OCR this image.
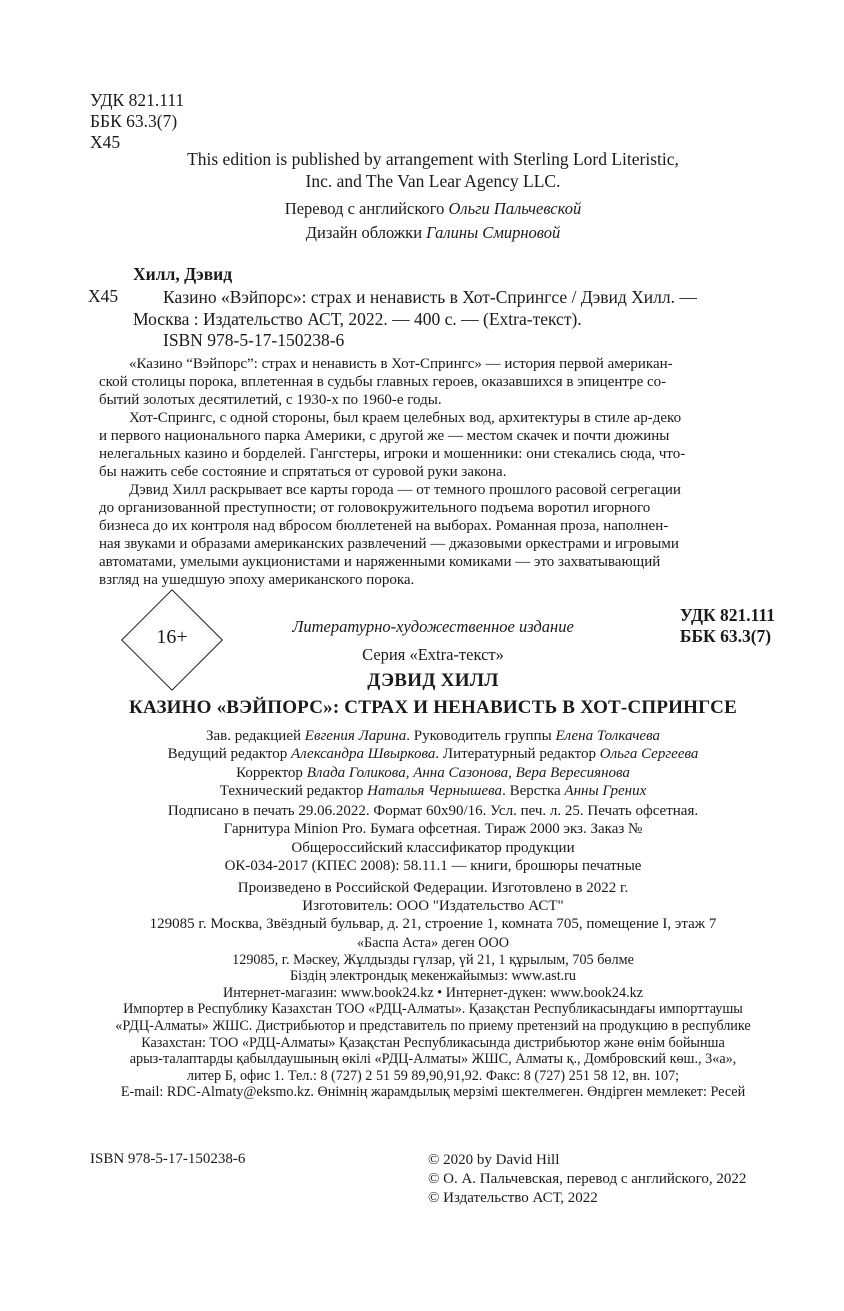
УДК 821.111
ББК 63.3(7)
Х45
This edition is published by arrangement with Sterling Lord Literistic,
Inc. and The Van Lear Agency LLC.
Перевод с английского Ольги Пальчевской
Дизайн обложки Галины Смирновой
Хилл, Дэвид
Х45	Казино «Вэйпорс»: страх и ненависть в Хот-Спрингсе / Дэвид Хилл. —
Москва : Издательство АСТ, 2022. — 400 с. — (Extra-текст).
ISBN 978-5-17-150238-6
«Казино “Вэйпорс”: страх и ненависть в Хот-Спрингс» — история первой американ-
ской столицы порока, вплетенная в судьбы главных героев, оказавшихся в эпицентре со-
бытий золотых десятилетий, с 1930-х по 1960-е годы.
Хот-Спрингс, с одной стороны, был краем целебных вод, архитектуры в стиле ар-деко
и первого национального парка Америки, с другой же — местом скачек и почти дюжины
нелегальных казино и борделей. Гангстеры, игроки и мошенники: они стекались сюда, что-
бы нажить себе состояние и спрятаться от суровой руки закона.
Дэвид Хилл раскрывает все карты города — от темного прошлого расовой сегрегации
до организованной преступности; от головокружительного подъема воротил игорного
бизнеса до их контроля над вбросом бюллетеней на выборах. Романная проза, наполнен-
ная звуками и образами американских развлечений — джазовыми оркестрами и игровыми
автоматами, умелыми аукционистами и наряженными комиками — это захватывающий
взгляд на ушедшую эпоху американского порока.
УДК 821.111
ББК 63.3(7)
16+	Литературно-художественное издание
Серия «Extra-текст»
ДЭВИД ХИЛЛ
КАЗИНО «ВЭЙПОРС»: СТРАХ И НЕНАВИСТЬ В ХОТ-СПРИНГСЕ
Зав. редакцией Евгения Ларина. Руководитель группы Елена Толкачева
Ведущий редактор Александра Швыркова. Литературный редактор Ольга Сергеева
Корректор Влада Голикова, Анна Сазонова, Вера Вересиянова
Технический редактор Наталья Чернышева. Верстка Анны Грених
Подписано в печать 29.06.2022. Формат 60x90/16. Усл. печ. л. 25. Печать офсетная.
Гарнитура Minion Pro. Бумага офсетная. Тираж 2000 экз. Заказ №
Общероссийский классификатор продукции
ОК-034-2017 (КПЕС 2008): 58.11.1 — книги, брошюры печатные
Произведено в Российской Федерации. Изготовлено в 2022 г.
Изготовитель: ООО "Издательство АСТ"
129085 г. Москва, Звёздный бульвар, д. 21, строение 1, комната 705, помещение I, этаж 7
«Баспа Аста» деген ООО
129085, г. Мәскеу, Жұлдызды гүлзар, үй 21, 1 құрылым, 705 бөлме
Біздің электрондық мекенжайымыз: www.ast.ru
Интернет-магазин: www.book24.kz • Интернет-дүкен: www.book24.kz
Импортер в Республику Казахстан ТОО «РДЦ-Алматы». Қазақстан Республикасындағы импорттаушы
«РДЦ-Алматы» ЖШС. Дистрибьютор и представитель по приему претензий на продукцию в республике
Казахстан: ТОО «РДЦ-Алматы» Қазақстан Республикасында дистрибьютор және өнім бойынша
арыз-талаптарды қабылдаушының өкілі «РДЦ-Алматы» ЖШС, Алматы қ., Домбровский көш., 3«а»,
литер Б, офис 1. Тел.: 8 (727) 2 51 59 89,90,91,92. Факс: 8 (727) 251 58 12, вн. 107;
E-mail: RDC-Almaty@eksmo.kz. Өнімнің жарамдылық мерзімі шектелмеген. Өндірген мемлекет: Ресей
ISBN 978-5-17-150238-6	© 2020 by David Hill
© О. А. Пальчевская, перевод с английского, 2022
© Издательство АСТ, 2022
